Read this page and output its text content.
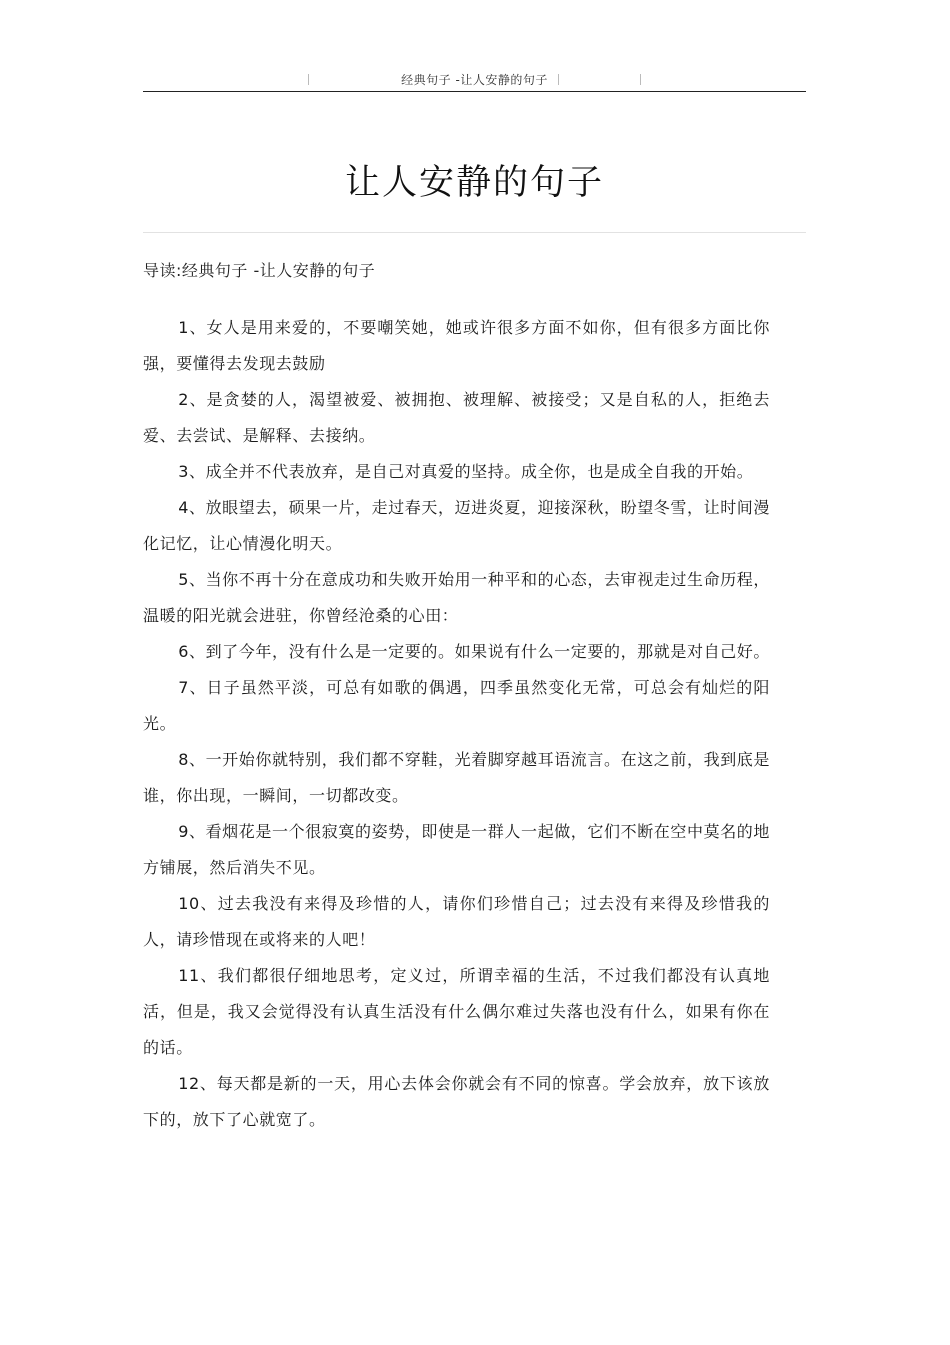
经典句子 -让人安静的句子
让人安静的句子
导读:经典句子 -让人安静的句子

1、女人是用来爱的，不要嘲笑她，她或许很多方面不如你，但有很多方面比你强，要懂得去发现去鼓励

2、是贪婪的人，渴望被爱、被拥抱、被理解、被接受；又是自私的人，拒绝去爱、去尝试、是解释、去接纳。

3、成全并不代表放弃，是自己对真爱的坚持。成全你，也是成全自我的开始。

4、放眼望去，硕果一片，走过春天，迈进炎夏，迎接深秋，盼望冬雪，让时间漫化记忆，让心情漫化明天。

5、当你不再十分在意成功和失败开始用一种平和的心态，去审视走过生命历程，温暖的阳光就会进驻，你曾经沧桑的心田：

6、到了今年，没有什么是一定要的。如果说有什么一定要的，那就是对自己好。

7、日子虽然平淡，可总有如歌的偶遇，四季虽然变化无常，可总会有灿烂的阳光。

8、一开始你就特别，我们都不穿鞋，光着脚穿越耳语流言。在这之前，我到底是谁，你出现，一瞬间，一切都改变。

9、看烟花是一个很寂寞的姿势，即使是一群人一起做，它们不断在空中莫名的地方铺展，然后消失不见。

10、过去我没有来得及珍惜的人，请你们珍惜自己；过去没有来得及珍惜我的人，请珍惜现在或将来的人吧！

11、我们都很仔细地思考，定义过，所谓幸福的生活，不过我们都没有认真地活，但是，我又会觉得没有认真生活没有什么偶尔难过失落也没有什么，如果有你在的话。

12、每天都是新的一天，用心去体会你就会有不同的惊喜。学会放弃，放下该放下的，放下了心就宽了。
